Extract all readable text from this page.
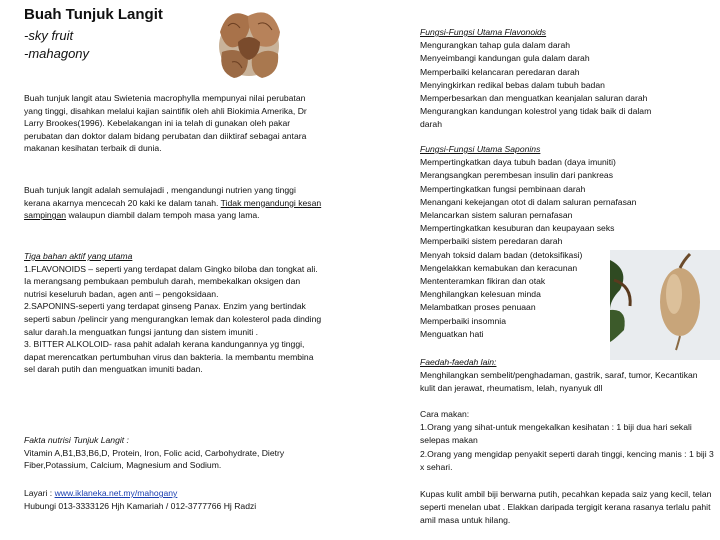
Buah Tunjuk Langit
-sky fruit
-mahagony
Buah tunjuk langit atau Swietenia macrophylla mempunyai nilai perubatan yang tinggi, disahkan melalui kajian saintifik oleh ahli Biokimia Amerika, Dr Larry Brookes(1996). Kebelakangan ini ia telah di gunakan oleh pakar perubatan dan doktor dalam bidang perubatan dan diiktiraf sebagai antara makanan kesihatan terbaik di dunia.
Buah tunjuk langit adalah semulajadi , mengandungi nutrien yang tinggi kerana akarnya mencecah 20 kaki ke dalam tanah. Tidak mengandungi kesan sampingan walaupun diambil dalam tempoh masa yang lama.
Tiga bahan aktif yang utama
1.FLAVONOIDS – seperti yang terdapat dalam Gingko biloba dan tongkat ali. Ia merangsang pembukaan pembuluh darah, membekalkan oksigen dan nutrisi keseluruh badan, agen anti – pengoksidaan.
2.SAPONINS-seperti yang terdapat ginseng Panax. Enzim yang bertindak seperti sabun /pelincir yang mengurangkan lemak dan kolesterol pada dinding salur darah.Ia menguatkan fungsi jantung dan sistem imuniti .
3. BITTER ALKOLOID- rasa pahit adalah kerana kandungannya yg tinggi, dapat merencatkan pertumbuhan virus dan bakteria. Ia membantu membina sel darah putih dan menguatkan imuniti badan.
Fakta nutrisi Tunjuk Langit :
Vitamin A,B1,B3,B6,D, Protein, Iron, Folic acid, Carbohydrate, Dietry Fiber,Potassium, Calcium, Magnesium and Sodium.
Layari : www.iklaneka.net.my/mahogany
Hubungi 013-3333126 Hjh Kamariah / 012-3777766 Hj Radzi
Fungsi-Fungsi Utama Flavonoids
Mengurangkan tahap gula dalam darah
Menyeimbangi kandungan gula dalam darah
Memperbaiki kelancaran peredaran darah
Menyingkirkan redikal bebas dalam tubuh badan
Memperbesarkan dan menguatkan keanjalan saluran darah
Mengurangkan kandungan kolestrol yang tidak baik di dalam
darah
Fungsi-Fungsi Utama Saponins
Mempertingkatkan daya tubuh badan (daya imuniti)
Merangsangkan perembesan insulin dari pankreas
Mempertingkatkan fungsi pembinaan darah
Menangani kekejangan otot di dalam saluran pernafasan
Melancarkan sistem saluran pernafasan
Mempertingkatkan kesuburan dan keupayaan seks
Memperbaiki sistem peredaran darah
Menyah toksid dalam badan (detoksifikasi)
Mengelakkan kemabukan dan keracunan
Mententeramkan fikiran dan otak
Menghilangkan kelesuan minda
Melambatkan proses penuaan
Memperbaiki insomnia
Menguatkan hati
Faedah-faedah lain:
Menghilangkan sembelit/penghadaman, gastrik, saraf, tumor, Kecantikan kulit dan jerawat, rheumatism, lelah, nyanyuk dll
Cara makan:
1.Orang yang sihat-untuk mengekalkan kesihatan : 1 biji dua hari sekali selepas makan
2.Orang yang mengidap penyakit seperti darah tinggi, kencing manis : 1 biji 3 x sehari.
Kupas kulit ambil biji berwarna putih, pecahkan kepada saiz yang kecil, telan seperti menelan ubat . Elakkan daripada tergigit kerana rasanya terlalu pahit amil masa untuk hilang.
